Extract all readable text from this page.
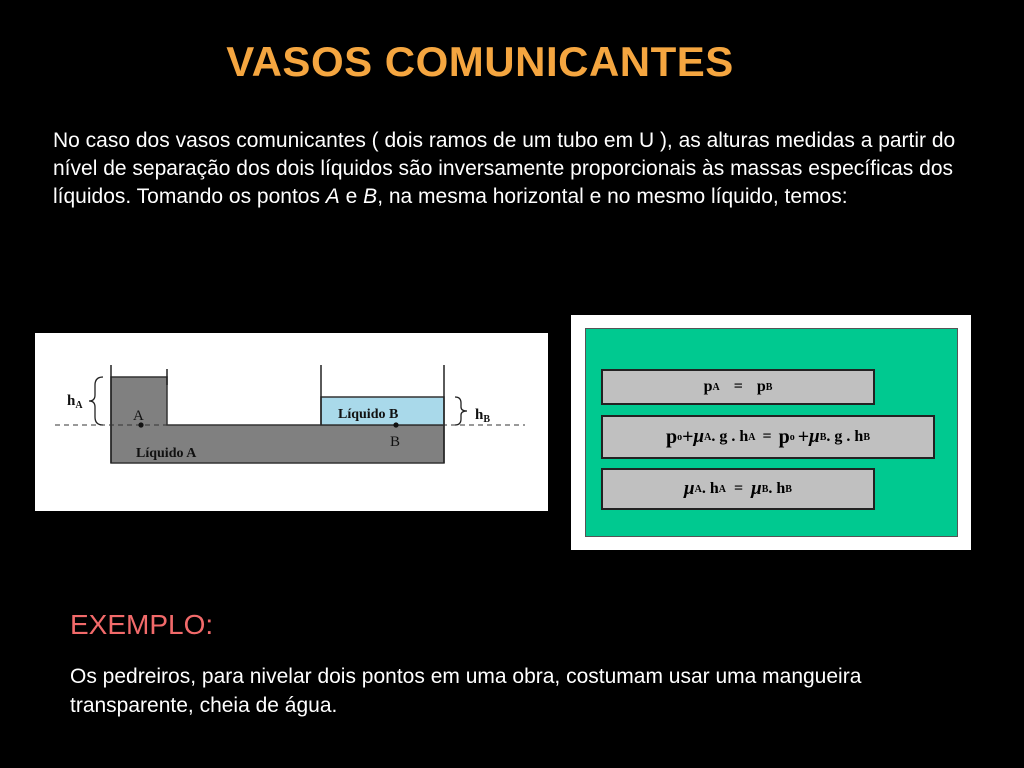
VASOS COMUNICANTES
No caso dos vasos comunicantes ( dois ramos de um tubo em U ), as alturas medidas a partir do nível de separação dos dois líquidos são inversamente proporcionais às massas específicas dos líquidos. Tomando os pontos A e B, na mesma horizontal e no mesmo líquido, temos:
$h_A$
$h_B$
A
B
Líquido A
Líquido B
p A = p B
p o + μ A . g . h A = p o + μ B . g . h B
μ A . h A = μ B . h B
EXEMPLO:
Os pedreiros, para nivelar dois pontos em uma obra, costumam usar uma mangueira transparente, cheia de água.
